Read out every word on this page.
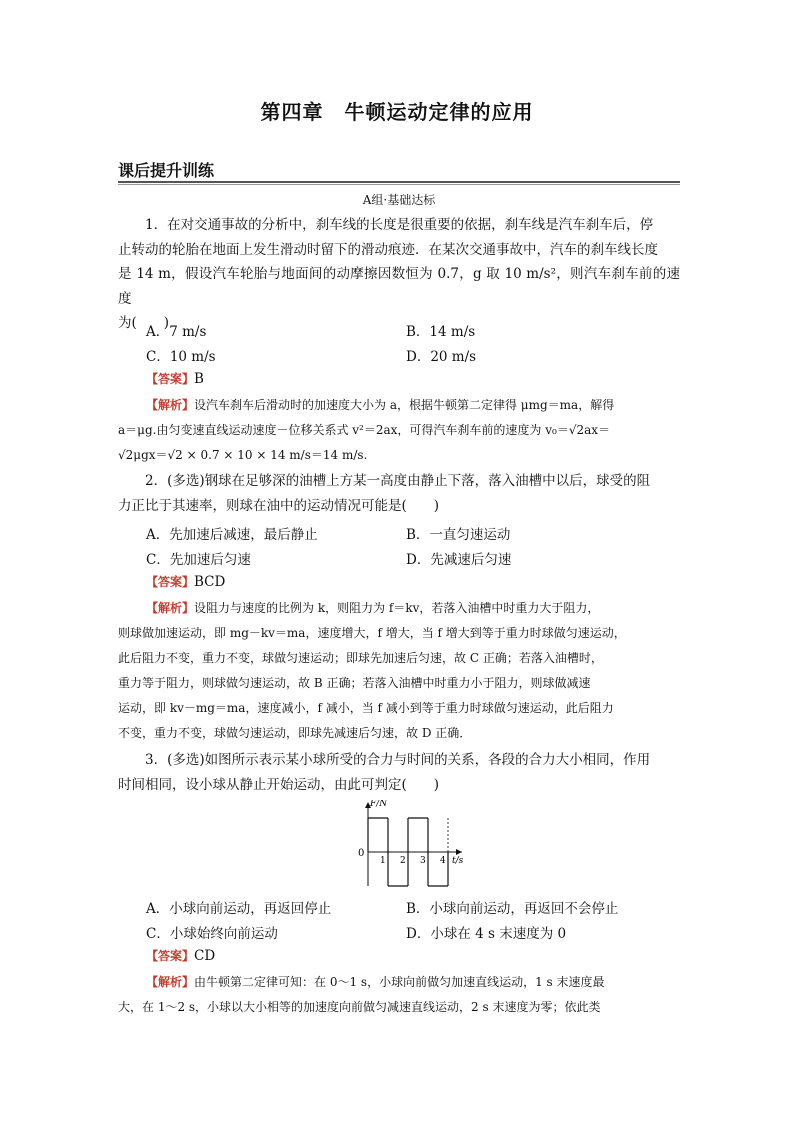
第四章　牛顿运动定律的应用
课后提升训练
A组·基础达标
1．在对交通事故的分析中，刹车线的长度是很重要的依据，刹车线是汽车刹车后，停
止转动的轮胎在地面上发生滑动时留下的滑动痕迹．在某次交通事故中，汽车的刹车线长度
是 14 m，假设汽车轮胎与地面间的动摩擦因数恒为 0.7，g 取 10 m/s²，则汽车刹车前的速度
为(　　)
A．7 m/s	B．14 m/s
C．10 m/s	D．20 m/s
【答案】B
【解析】设汽车刹车后滑动时的加速度大小为 a，根据牛顿第二定律得 μmg＝ma，解得
a＝μg.由匀变速直线运动速度－位移关系式 v²＝2ax，可得汽车刹车前的速度为 v₀＝√2ax＝
√2μgx＝√2 × 0.7 × 10 × 14 m/s＝14 m/s.
2．(多选)钢球在足够深的油槽上方某一高度由静止下落，落入油槽中以后，球受的阻
力正比于其速率，则球在油中的运动情况可能是(　　)
A．先加速后减速，最后静止	B．一直匀速运动
C．先加速后匀速	D．先减速后匀速
【答案】BCD
【解析】设阻力与速度的比例为 k，则阻力为 f＝kv，若落入油槽中时重力大于阻力，
则球做加速运动，即 mg－kv＝ma，速度增大，f 增大，当 f 增大到等于重力时球做匀速运动，
此后阻力不变，重力不变，球做匀速运动；即球先加速后匀速，故 C 正确；若落入油槽时，
重力等于阻力，则球做匀速运动，故 B 正确；若落入油槽中时重力小于阻力，则球做减速
运动，即 kv－mg＝ma，速度减小，f 减小，当 f 减小到等于重力时球做匀速运动，此后阻力
不变，重力不变，球做匀速运动，即球先减速后匀速，故 D 正确．
3．(多选)如图所示表示某小球所受的合力与时间的关系，各段的合力大小相同，作用
时间相同，设小球从静止开始运动，由此可判定(　　)
F/N
t/s
0
1 2 3 4
A．小球向前运动，再返回停止	B．小球向前运动，再返回不会停止
C．小球始终向前运动	D．小球在 4 s 末速度为 0
【答案】CD
【解析】由牛顿第二定律可知：在 0～1 s，小球向前做匀加速直线运动，1 s 末速度最
大，在 1～2 s，小球以大小相等的加速度向前做匀减速直线运动，2 s 末速度为零；依此类
